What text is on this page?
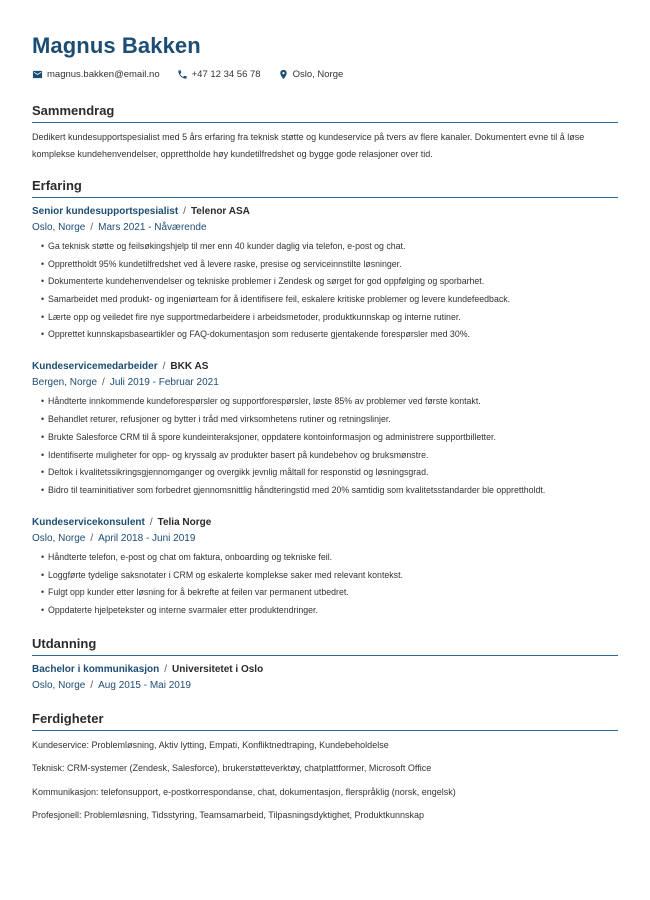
Magnus Bakken
magnus.bakken@email.no	+47 12 34 56 78	Oslo, Norge
Sammendrag
Dedikert kundesupportspesialist med 5 års erfaring fra teknisk støtte og kundeservice på tvers av flere kanaler. Dokumentert evne til å løse komplekse kundehenvendelser, opprettholde høy kundetilfredshet og bygge gode relasjoner over tid.
Erfaring
Senior kundesupportspesialist / Telenor ASA
Oslo, Norge / Mars 2021 - Nåværende
• Ga teknisk støtte og feilsøkingshjelp til mer enn 40 kunder daglig via telefon, e-post og chat.
• Opprettholdt 95% kundetilfredshet ved å levere raske, presise og serviceinnstilte løsninger.
• Dokumenterte kundehenvendelser og tekniske problemer i Zendesk og sørget for god oppfølging og sporbarhet.
• Samarbeidet med produkt- og ingeniørteam for å identifisere feil, eskalere kritiske problemer og levere kundefeedback.
• Lærte opp og veiledet fire nye supportmedarbeidere i arbeidsmetoder, produktkunnskap og interne rutiner.
• Opprettet kunnskapsbaseartikler og FAQ-dokumentasjon som reduserte gjentakende forespørsler med 30%.
Kundeservicemedarbeider / BKK AS
Bergen, Norge / Juli 2019 - Februar 2021
• Håndterte innkommende kundeforespørsler og supportforespørsler, løste 85% av problemer ved første kontakt.
• Behandlet returer, refusjoner og bytter i tråd med virksomhetens rutiner og retningslinjer.
• Brukte Salesforce CRM til å spore kundeinteraksjoner, oppdatere kontoinformasjon og administrere supportbilletter.
• Identifiserte muligheter for opp- og kryssalg av produkter basert på kundebehov og bruksmønstre.
• Deltok i kvalitetssikringsgjennomganger og overgikk jevnlig måltall for responstid og løsningsgrad.
• Bidro til teaminitiativer som forbedret gjennomsnittlig håndteringstid med 20% samtidig som kvalitetsstandarder ble opprettholdt.
Kundeservicekonsulent / Telia Norge
Oslo, Norge / April 2018 - Juni 2019
• Håndterte telefon, e-post og chat om faktura, onboarding og tekniske feil.
• Loggførte tydelige saksnotater i CRM og eskalerte komplekse saker med relevant kontekst.
• Fulgt opp kunder etter løsning for å bekrefte at feilen var permanent utbedret.
• Oppdaterte hjelpetekster og interne svarmaler etter produktendringer.
Utdanning
Bachelor i kommunikasjon / Universitetet i Oslo
Oslo, Norge / Aug 2015 - Mai 2019
Ferdigheter
Kundeservice: Problemløsning, Aktiv lytting, Empati, Konfliktnedtraping, Kundebeholdelse
Teknisk: CRM-systemer (Zendesk, Salesforce), brukerstøtteverktøy, chatplattformer, Microsoft Office
Kommunikasjon: telefonsupport, e-postkorrespondanse, chat, dokumentasjon, flerspråklig (norsk, engelsk)
Profesjonell: Problemløsning, Tidsstyring, Teamsamarbeid, Tilpasningsdyktighet, Produktkunnskap
